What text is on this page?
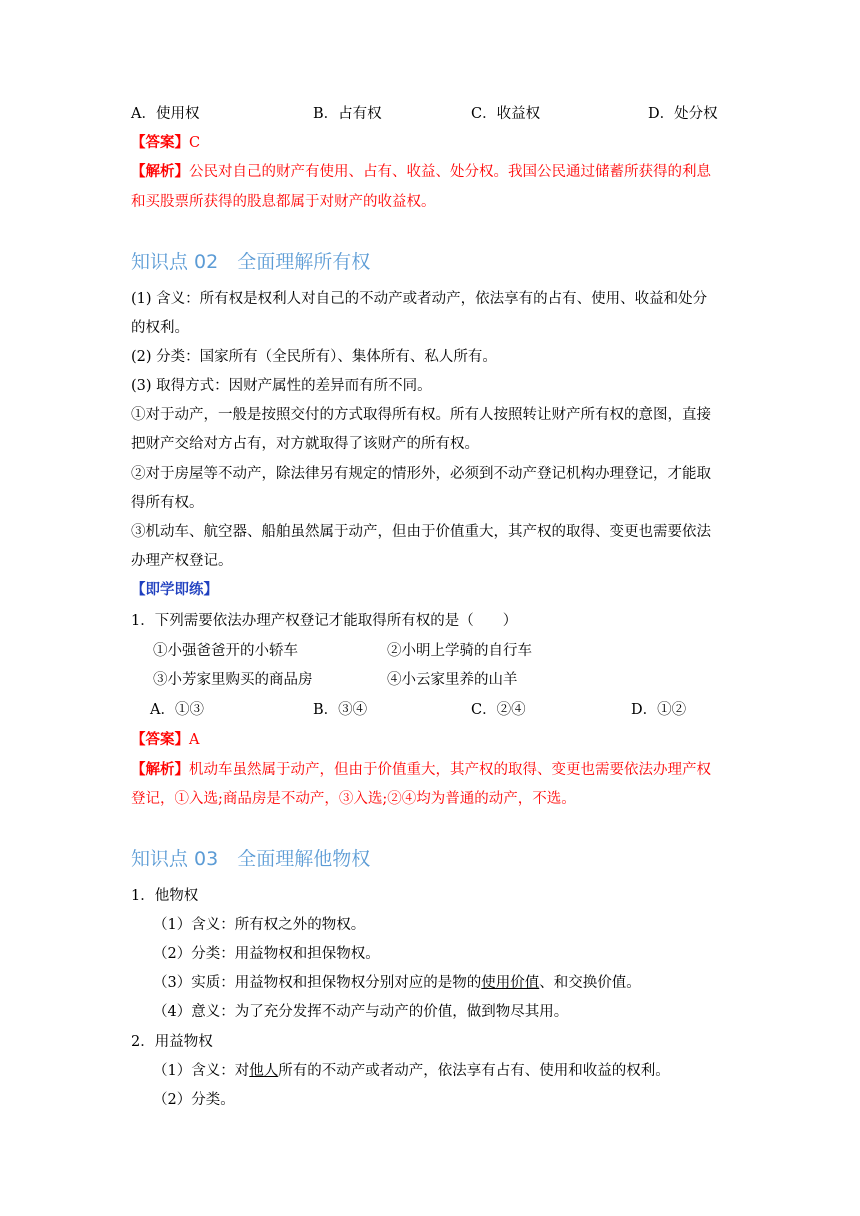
A．使用权	B．占有权	C．收益权	D．处分权
【答案】C
【解析】公民对自己的财产有使用、占有、收益、处分权。我国公民通过储蓄所获得的利息
和买股票所获得的股息都属于对财产的收益权。
知识点 02　全面理解所有权
(1) 含义：所有权是权利人对自己的不动产或者动产，依法享有的占有、使用、收益和处分
的权利。
(2) 分类：国家所有（全民所有）、集体所有、私人所有。
(3) 取得方式：因财产属性的差异而有所不同。
①对于动产，一般是按照交付的方式取得所有权。所有人按照转让财产所有权的意图，直接
把财产交给对方占有，对方就取得了该财产的所有权。
②对于房屋等不动产，除法律另有规定的情形外，必须到不动产登记机构办理登记，才能取
得所有权。
③机动车、航空器、船舶虽然属于动产，但由于价值重大，其产权的取得、变更也需要依法
办理产权登记。
【即学即练】
1．下列需要依法办理产权登记才能取得所有权的是（　　）
①小强爸爸开的小轿车	②小明上学骑的自行车
③小芳家里购买的商品房	④小云家里养的山羊
A．①③	B．③④	C．②④	D．①②
【答案】A
【解析】机动车虽然属于动产，但由于价值重大，其产权的取得、变更也需要依法办理产权
登记，①入选;商品房是不动产，③入选;②④均为普通的动产，不选。
知识点 03　全面理解他物权
1．他物权
（1）含义：所有权之外的物权。
（2）分类：用益物权和担保物权。
（3）实质：用益物权和担保物权分别对应的是物的使用价值、和交换价值。
（4）意义：为了充分发挥不动产与动产的价值，做到物尽其用。
2．用益物权
（1）含义：对他人所有的不动产或者动产，依法享有占有、使用和收益的权利。
（2）分类。
